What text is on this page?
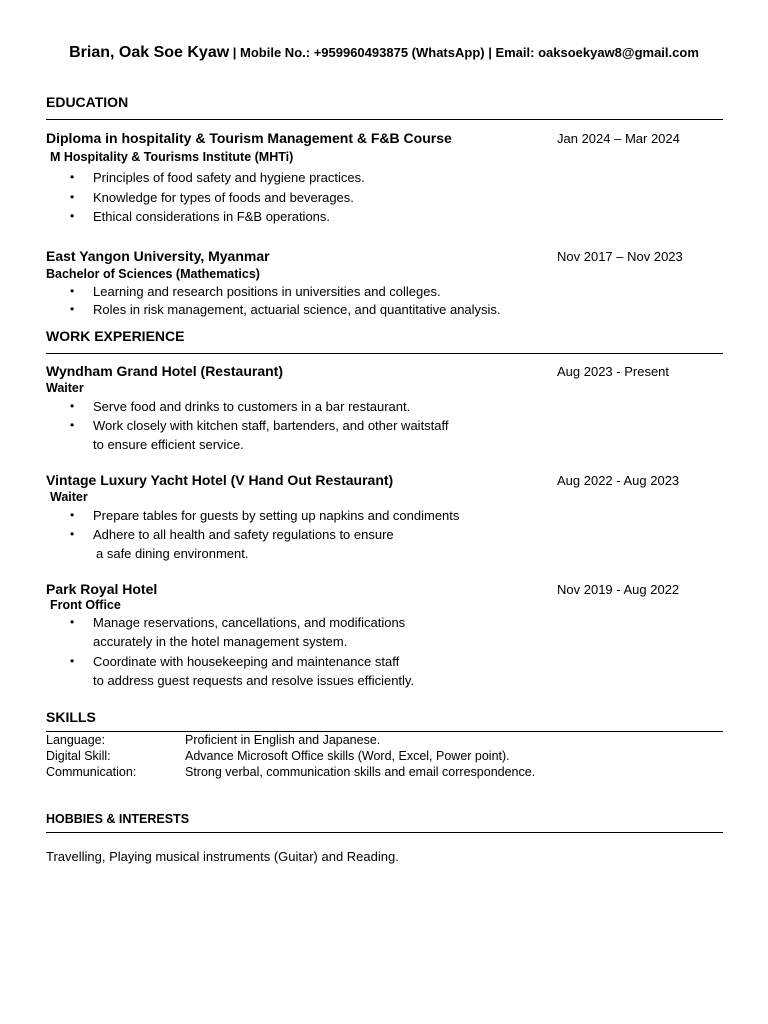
Brian, Oak Soe Kyaw | Mobile No.: +959960493875 (WhatsApp) | Email: oaksoekyaw8@gmail.com
EDUCATION
Diploma in hospitality & Tourism Management & F&B Course	Jan 2024 – Mar 2024
M Hospitality & Tourisms Institute (MHTi)
• Principles of food safety and hygiene practices.
• Knowledge for types of foods and beverages.
• Ethical considerations in F&B operations.
East Yangon University, Myanmar	Nov 2017 – Nov 2023
Bachelor of Sciences (Mathematics)
• Learning and research positions in universities and colleges.
• Roles in risk management, actuarial science, and quantitative analysis.
WORK EXPERIENCE
Wyndham Grand Hotel (Restaurant)	Aug 2023 - Present
Waiter
• Serve food and drinks to customers in a bar restaurant.
• Work closely with kitchen staff, bartenders, and other waitstaff
to ensure efficient service.
Vintage Luxury Yacht Hotel (V Hand Out Restaurant)	Aug 2022 - Aug 2023
Waiter
• Prepare tables for guests by setting up napkins and condiments
• Adhere to all health and safety regulations to ensure
a safe dining environment.
Park Royal Hotel	Nov 2019 - Aug 2022
Front Office
• Manage reservations, cancellations, and modifications
accurately in the hotel management system.
• Coordinate with housekeeping and maintenance staff
to address guest requests and resolve issues efficiently.
SKILLS
Language:	Proficient in English and Japanese.
Digital Skill:	Advance Microsoft Office skills (Word, Excel, Power point).
Communication:	Strong verbal, communication skills and email correspondence.
HOBBIES & INTERESTS
Travelling, Playing musical instruments (Guitar) and Reading.
